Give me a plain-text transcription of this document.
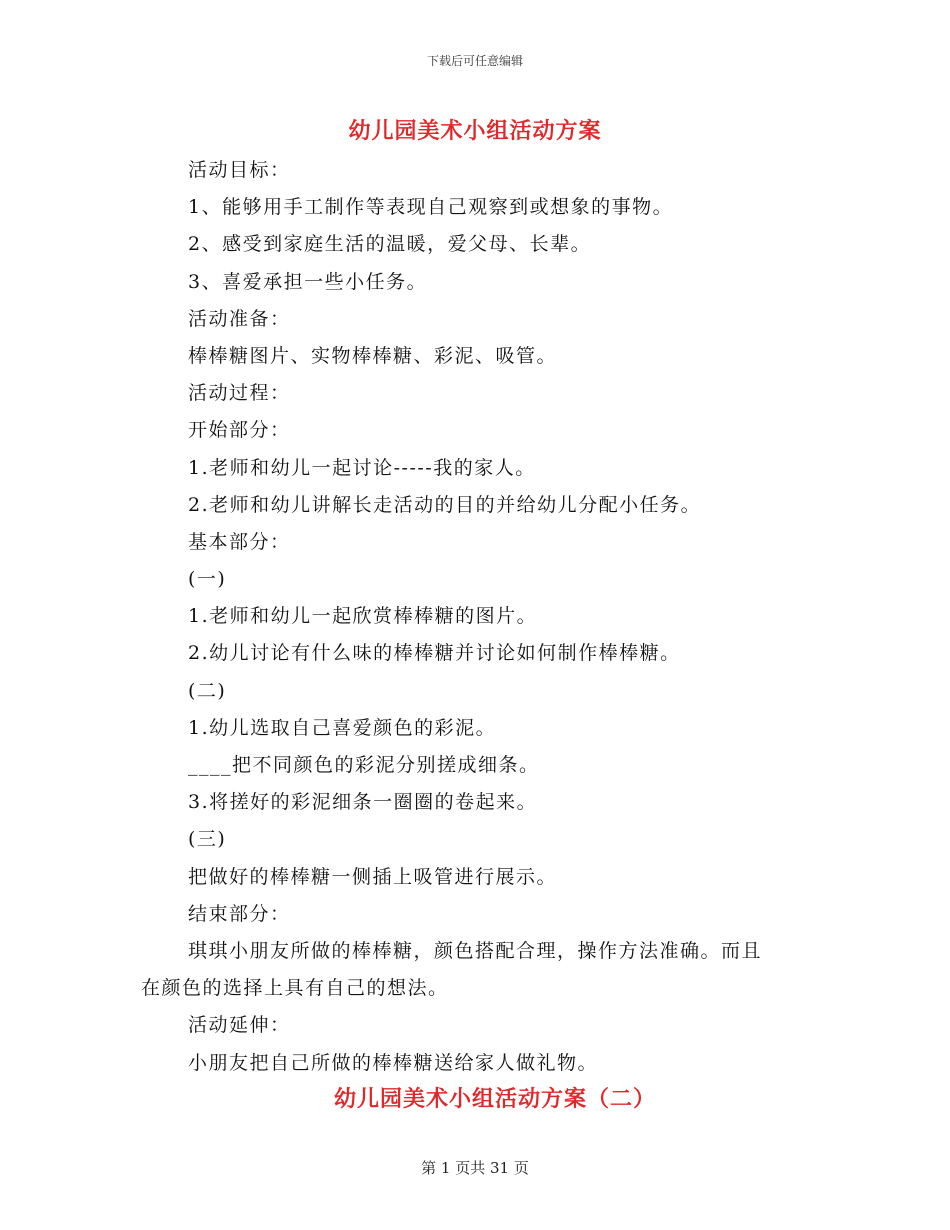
下载后可任意编辑
幼儿园美术小组活动方案
活动目标：
1、能够用手工制作等表现自己观察到或想象的事物。
2、感受到家庭生活的温暖，爱父母、长辈。
3、喜爱承担一些小任务。
活动准备：
棒棒糖图片、实物棒棒糖、彩泥、吸管。
活动过程：
开始部分：
1.老师和幼儿一起讨论-----我的家人。
2.老师和幼儿讲解长走活动的目的并给幼儿分配小任务。
基本部分：
(一)
1.老师和幼儿一起欣赏棒棒糖的图片。
2.幼儿讨论有什么味的棒棒糖并讨论如何制作棒棒糖。
(二)
1.幼儿选取自己喜爱颜色的彩泥。
____把不同颜色的彩泥分别搓成细条。
3.将搓好的彩泥细条一圈圈的卷起来。
(三)
把做好的棒棒糖一侧插上吸管进行展示。
结束部分：
琪琪小朋友所做的棒棒糖，颜色搭配合理，操作方法准确。而且
在颜色的选择上具有自己的想法。
活动延伸：
小朋友把自己所做的棒棒糖送给家人做礼物。
幼儿园美术小组活动方案（二）
第 1 页共 31 页
